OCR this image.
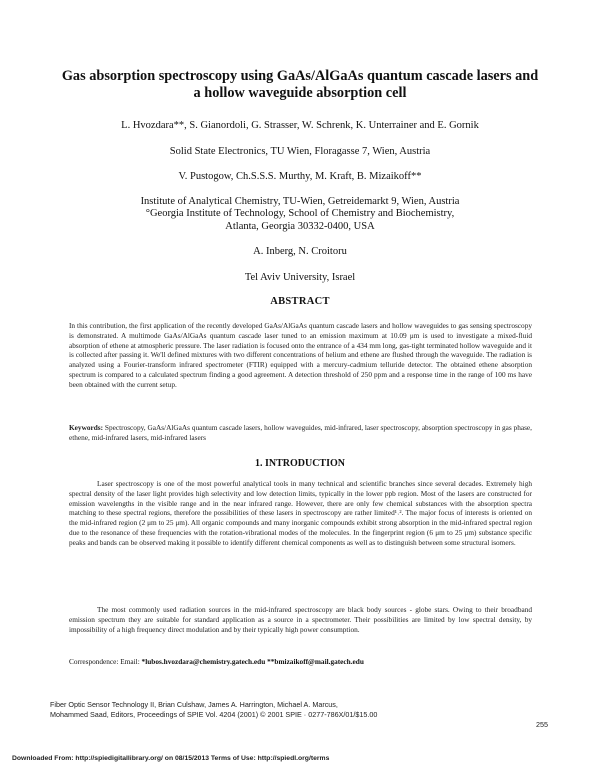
Gas absorption spectroscopy using GaAs/AlGaAs quantum cascade lasers and a hollow waveguide absorption cell
L. Hvozdara**, S. Gianordoli, G. Strasser, W. Schrenk, K. Unterrainer and E. Gornik
Solid State Electronics, TU Wien, Floragasse 7, Wien, Austria
V. Pustogow, Ch.S.S.S. Murthy, M. Kraft, B. Mizaikoff**
Institute of Analytical Chemistry, TU-Wien, Getreidemarkt 9, Wien, Austria
°Georgia Institute of Technology, School of Chemistry and Biochemistry,
Atlanta, Georgia 30332-0400, USA
A. Inberg, N. Croitoru
Tel Aviv University, Israel
ABSTRACT
In this contribution, the first application of the recently developed GaAs/AlGaAs quantum cascade lasers and hollow waveguides to gas sensing spectroscopy is demonstrated. A multimode GaAs/AlGaAs quantum cascade laser tuned to an emission maximum at 10.09 μm is used to investigate a mixed-fluid absorption of ethene at atmospheric pressure. The laser radiation is focused onto the entrance of a 434 mm long, gas-tight terminated hollow waveguide and it is collected after passing it. We'll defined mixtures with two different concentrations of helium and ethene are flushed through the waveguide. The radiation is analyzed using a Fourier-transform infrared spectrometer (FTIR) equipped with a mercury-cadmium telluride detector. The obtained ethene absorption spectrum is compared to a calculated spectrum finding a good agreement. A detection threshold of 250 ppm and a response time in the range of 100 ms have been obtained with the current setup.
Keywords: Spectroscopy, GaAs/AlGaAs quantum cascade lasers, hollow waveguides, mid-infrared, laser spectroscopy, absorption spectroscopy in gas phase, ethene, mid-infrared lasers, mid-infrared lasers
1. INTRODUCTION
Laser spectroscopy is one of the most powerful analytical tools in many technical and scientific branches since several decades. Extremely high spectral density of the laser light provides high selectivity and low detection limits, typically in the lower ppb region. Most of the lasers are constructed for emission wavelengths in the visible range and in the near infrared range. However, there are only few chemical substances with the absorption spectra matching to these spectral regions, therefore the possibilities of these lasers in spectroscopy are rather limited¹˒². The major focus of interests is oriented on the mid-infrared region (2 μm to 25 μm). All organic compounds and many inorganic compounds exhibit strong absorption in the mid-infrared spectral region due to the resonance of these frequencies with the rotation-vibrational modes of the molecules. In the fingerprint region (6 μm to 25 μm) substance specific peaks and bands can be observed making it possible to identify different chemical components as well as to distinguish between some structural isomers.
The most commonly used radiation sources in the mid-infrared spectroscopy are black body sources - globe stars. Owing to their broadband emission spectrum they are suitable for standard application as a source in a spectrometer. Their possibilities are limited by low spectral density, by impossibility of a high frequency direct modulation and by their typically high power consumption.
Correspondence: Email: *lubos.hvozdara@chemistry.gatech.edu **bmizaikoff@mail.gatech.edu
Fiber Optic Sensor Technology II, Brian Culshaw, James A. Harrington, Michael A. Marcus,
Mohammed Saad, Editors, Proceedings of SPIE Vol. 4204 (2001) © 2001 SPIE · 0277-786X/01/$15.00
255
Downloaded From: http://spiedigitallibrary.org/ on 08/15/2013 Terms of Use: http://spiedl.org/terms
